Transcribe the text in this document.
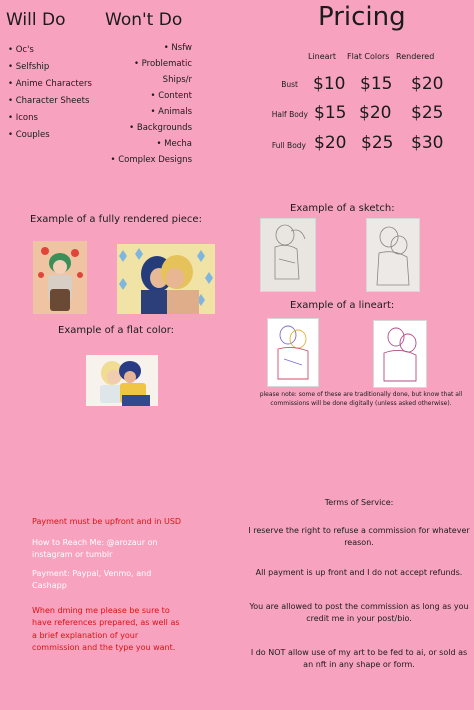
Will Do
• Oc's
• Selfship
• Anime Characters
• Character Sheets
• Icons
• Couples
Won't Do
• Nsfw
• Problematic Ships/r
• Content
• Animals
• Backgrounds
• Mecha
• Complex Designs
Pricing
Lineart Flat Colors Rendered
Bust $10 $15 $20
Half Body $15 $20 $25
Full Body $20 $25 $30
Example of a fully rendered piece:
Example of a flat color:
Example of a sketch:
Example of a lineart:
please note: some of these are traditionally done, but know that all commissions will be done digitally (unless asked otherwise).
Payment must be upfront and in USD
How to Reach Me: @arozaur on instagram or tumblr
Payment: Paypal, Venmo, and Cashapp
When dming me please be sure to have references prepared, as well as a brief explanation of your commission and the type you want.

Terms of Service:

I reserve the right to refuse a commission for whatever reason.

All payment is up front and I do not accept refunds.

You are allowed to post the commission as long as you credit me in your post/bio.

I do NOT allow use of my art to be fed to ai, or sold as an nft in any shape or form.
